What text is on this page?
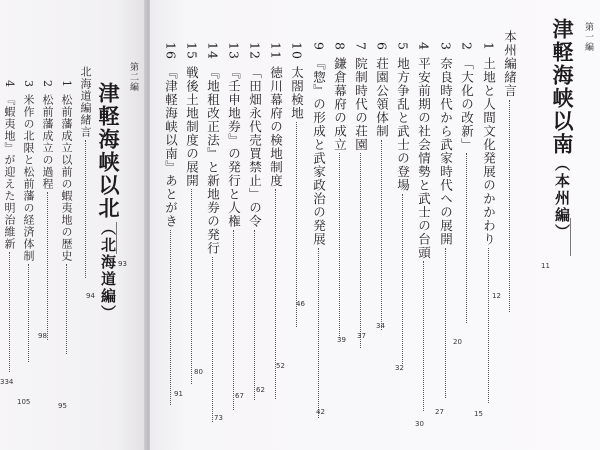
津軽海峡以南（本州編）
第一編
11
本州編緒言
12
1土地と人間文化発展のかかわり
15
2「大化の改新」
20
3奈良時代から武家時代への展開
27
4平安前期の社会情勢と武士の台頭
30
5地方争乱と武士の登場
32
6荘園公領体制
34
7院制時代の荘園
37
8鎌倉幕府の成立
39
9『惣』の形成と武家政治の発展
42
10太閤検地
46
11徳川幕府の検地制度
52
12「田畑永代売買禁止」の令
62
13『壬申地券』の発行と人権
67
14『地租改正法』と新地券の発行
73
15戦後土地制度の展開
80
16『津軽海峡以南』あとがき
91
第二編
津軽海峡以北（北海道編） 93
北海道編緒言
94
1松前藩成立以前の蝦夷地の歴史
95
2松前藩成立の過程
98
3米作の北限と松前藩の経済体制
105
4『蝦夷地』が迎えた明治維新
334
